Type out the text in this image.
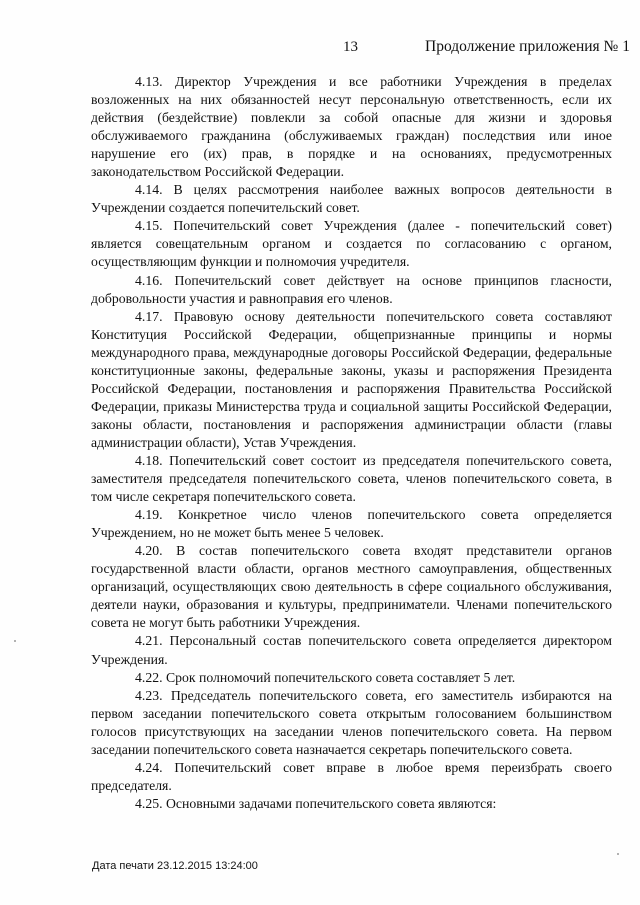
13	Продолжение приложения № 1

4.13. Директор Учреждения и все работники Учреждения в пределах возложенных на них обязанностей несут персональную ответственность, если их действия (бездействие) повлекли за собой опасные для жизни и здоровья обслуживаемого гражданина (обслуживаемых граждан) последствия или иное нарушение его (их) прав, в порядке и на основаниях, предусмотренных законодательством Российской Федерации.

4.14. В целях рассмотрения наиболее важных вопросов деятельности в Учреждении создается попечительский совет.

4.15. Попечительский совет Учреждения (далее - попечительский совет) является совещательным органом и создается по согласованию с органом, осуществляющим функции и полномочия учредителя.

4.16. Попечительский совет действует на основе принципов гласности, добровольности участия и равноправия его членов.

4.17. Правовую основу деятельности попечительского совета составляют Конституция Российской Федерации, общепризнанные принципы и нормы международного права, международные договоры Российской Федерации, федеральные конституционные законы, федеральные законы, указы и распоряжения Президента Российской Федерации, постановления и распоряжения Правительства Российской Федерации, приказы Министерства труда и социальной защиты Российской Федерации, законы области, постановления и распоряжения администрации области (главы администрации области), Устав Учреждения.

4.18. Попечительский совет состоит из председателя попечительского совета, заместителя председателя попечительского совета, членов попечительского совета, в том числе секретаря попечительского совета.

4.19. Конкретное число членов попечительского совета определяется Учреждением, но не может быть менее 5 человек.

4.20. В состав попечительского совета входят представители органов государственной власти области, органов местного самоуправления, общественных организаций, осуществляющих свою деятельность в сфере социального обслуживания, деятели науки, образования и культуры, предприниматели. Членами попечительского совета не могут быть работники Учреждения.

4.21. Персональный состав попечительского совета определяется директором Учреждения.

4.22. Срок полномочий попечительского совета составляет 5 лет.

4.23. Председатель попечительского совета, его заместитель избираются на первом заседании попечительского совета открытым голосованием большинством голосов присутствующих на заседании членов попечительского совета. На первом заседании попечительского совета назначается секретарь попечительского совета.

4.24. Попечительский совет вправе в любое время переизбрать своего председателя.

4.25. Основными задачами попечительского совета являются:

Дата печати 23.12.2015 13:24:00
